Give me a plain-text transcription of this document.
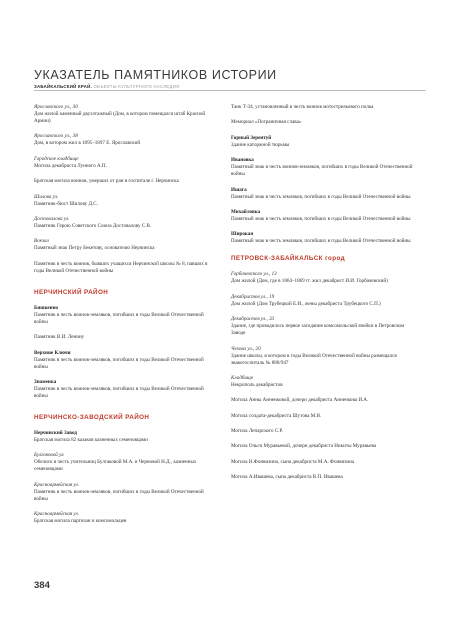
УКАЗАТЕЛЬ ПАМЯТНИКОВ ИСТОРИИ
ЗАБАЙКАЛЬСКИЙ КРАЙ. ОБЪЕКТЫ КУЛЬТУРНОГО НАСЛЕДИЯ
Ярославского ул., 30
Дом жилой каменный двухэтажный (Дом, в котором помещался штаб Красной Армии)
Ярославского ул., 38
Дом, в котором жил в 1895–1897 Е. Ярославский
Городское кладбище
Могила декабриста Лунного А.П.
Братская могила воинов, умерших от ран в госпитале г. Нерчинска
Шилова ул.
Памятник-бюст Шилову Д.С.
Достовалова ул.
Памятник Герою Советского Союза Достовалову С.В.
Вокзал
Памятный знак Петру Бекетову, основателю Нерчинска
Памятник в честь воинов, бывших учащихся Нерчинской школы № 8, павших в годы Великой Отечественной войны
НЕРЧИНСКИЙ РАЙОН
Бишкенно
Памятник в честь воинов-земляков, погибших в годы Великой Отечественной войны
Памятник В.И. Ленину
Верхние Ключи
Памятник в честь воинов-земляков, погибших в годы Великой Отечественной войны
Знаменка
Памятник в честь воинов-земляков, погибших в годы Великой Отечественной войны
НЕРЧИНСКО-ЗАВОДСКИЙ РАЙОН
Нерчинский Завод
Братская могила 82 казаков казненных семеновцами
Булгаковой ул.
Обелиск в честь учительниц Булгаковой М.А. и Черновой Н.Д., казненных семеновцами
Красноармейская ул.
Памятник в честь воинов-земляков, погибших в годы Великой Отечественной войны
Красноармейская ул.
Братская могила партизан и комсомольцев
Танк Т-34, установленный в честь воинов мотострелкового полка
Мемориал «Пограничная слава»
Горный Зерентуй
Здание каторжной тюрьмы
Ивановка
Памятный знак в честь воинов-земляков, погибших в годы Великой Отечественной войны
Ишага
Памятный знак в честь земляков, погибших в годы Великой Отечественной войны
Михайловка
Памятный знак в честь земляков, погибших в годы Великой Отечественной войны
Широкая
Памятный знак в честь земляков, погибших в годы Великой Отечественной войны
ПЕТРОВСК-ЗАБАЙКАЛЬСК город
Горбачевского ул., 13
Дом жилой (Дом, где в 1864–1869 гг. жил декабрист И.И. Горбачевский)
Декабристов ул., 19
Дом жилой (Дом Трубецкой Е.И., жены декабриста Трубецкого С.П.)
Декабристов ул., 33
Здание, где проводилось первое заседание комсомольской ячейки в Петровском Заводе
Чехова ул., 20
Здание школы, в котором в годы Великой Отечественной войны размещался эвакогоспиталь № 888/947
Кладбище
Некрополь декабристов
Могила Анны Анненковой, дочери декабриста Анненкова И.А.
Могила солдата-декабриста Шутова М.В.
Могила Лепарского С.Р.
Могила Ольги Муравьевой, дочери декабриста Никиты Муравьева
Могила Н.Фонвизина, сына декабриста М.А. Фонвизина
Могила А.Ивашева, сына декабриста В.П. Ивашева
384
